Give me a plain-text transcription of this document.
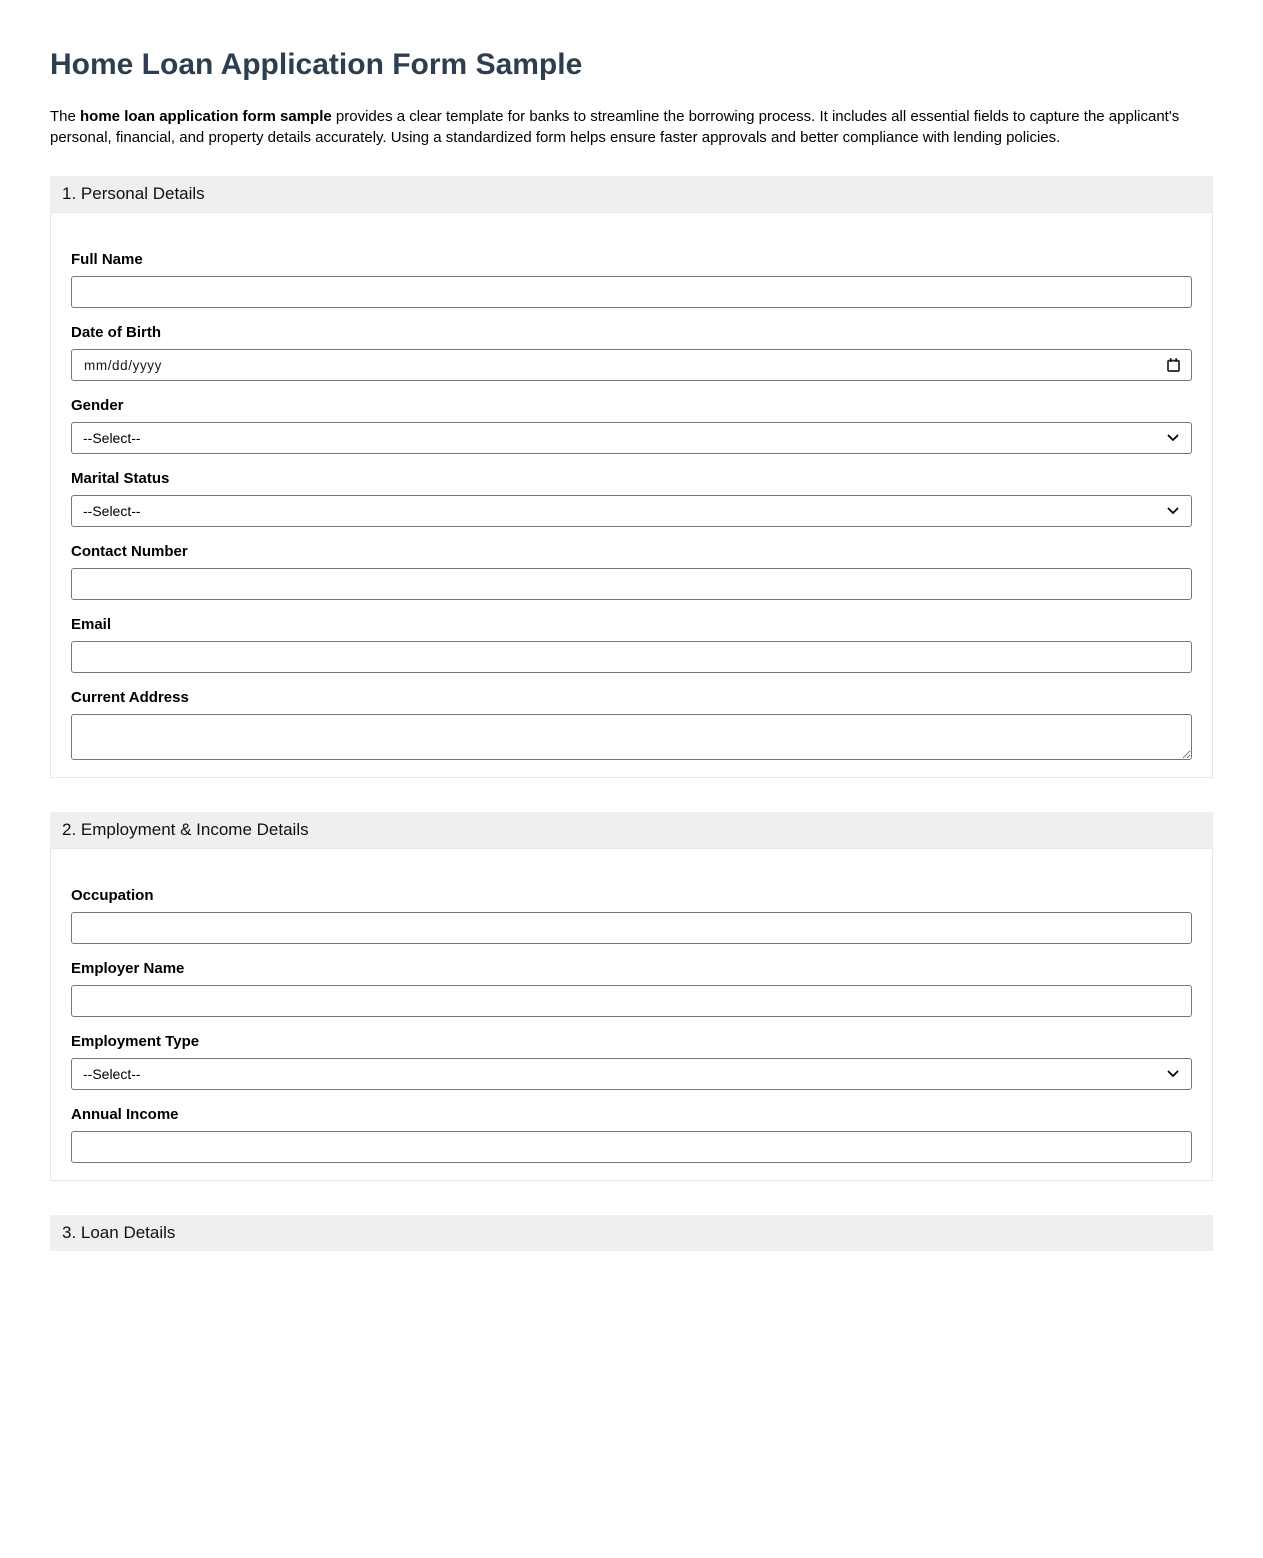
Home Loan Application Form Sample

The home loan application form sample provides a clear template for banks to streamline the borrowing process. It includes all essential fields to capture the applicant's personal, financial, and property details accurately. Using a standardized form helps ensure faster approvals and better compliance with lending policies.

1. Personal Details
Full Name
Date of Birth
mm/dd/yyyy
Gender
--Select--
Marital Status
--Select--
Contact Number
Email
Current Address
2. Employment & Income Details
Occupation
Employer Name
Employment Type
--Select--
Annual Income
3. Loan Details
